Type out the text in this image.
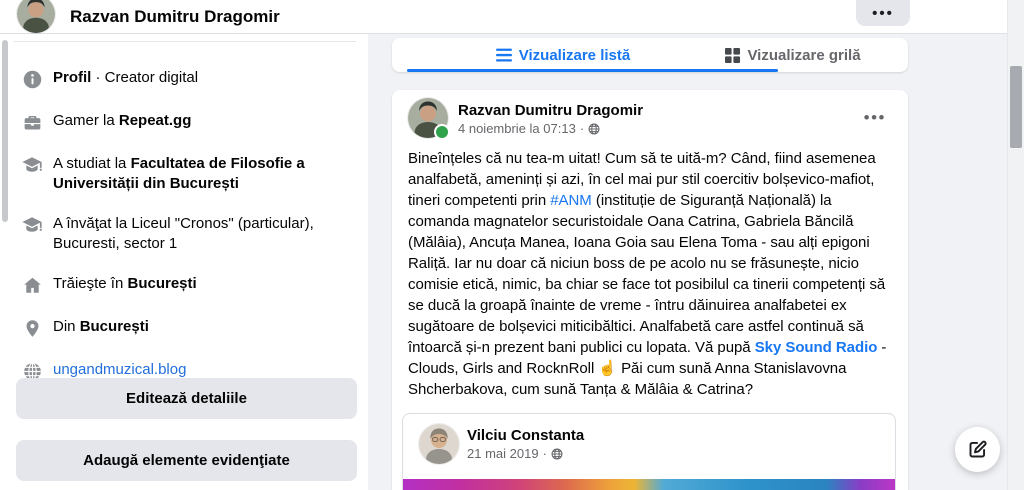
Razvan Dumitru Dragomir	•••
Profil · Creator digital
Gamer la Repeat.gg
A studiat la Facultatea de Filosofie a Universității din București
A învăţat la Liceul "Cronos" (particular), Bucuresti, sector 1
Trăieşte în București
Din București
ungandmuzical.blog
Editează detaliile
Adaugă elemente evidenţiate
Vizualizare listă	Vizualizare grilă
Razvan Dumitru Dragomir
4 noiembrie la 07:13 ·
•••
Bineînțeles că nu tea-m uitat! Cum să te uită-m? Când, fiind asemenea analfabetă, ameninți și azi, în cel mai pur stil coercitiv bolșevico-mafiot, tineri competenti prin #ANM (instituție de Siguranță Națională) la comanda magnatelor securistoidale Oana Catrina, Gabriela Băncilă (Mălâia), Ancuța Manea, Ioana Goia sau Elena Toma - sau alți epigoni Raliță. Iar nu doar că niciun boss de pe acolo nu se frăsunește, nicio comisie etică, nimic, ba chiar se face tot posibilul ca tinerii competenți să se ducă la groapă înainte de vreme - întru dăinuirea analfabetei ex sugătoare de bolșevici miticibăltici. Analfabetă care astfel continuă să întoarcă și-n prezent bani publici cu lopata. Vă pupă Sky Sound Radio - Clouds, Girls and RocknRoll ☝ Păi cum sună Anna Stanislavovna Shcherbakova, cum sună Tanța & Mălâia & Catrina?
Vilciu Constanta
21 mai 2019 ·
